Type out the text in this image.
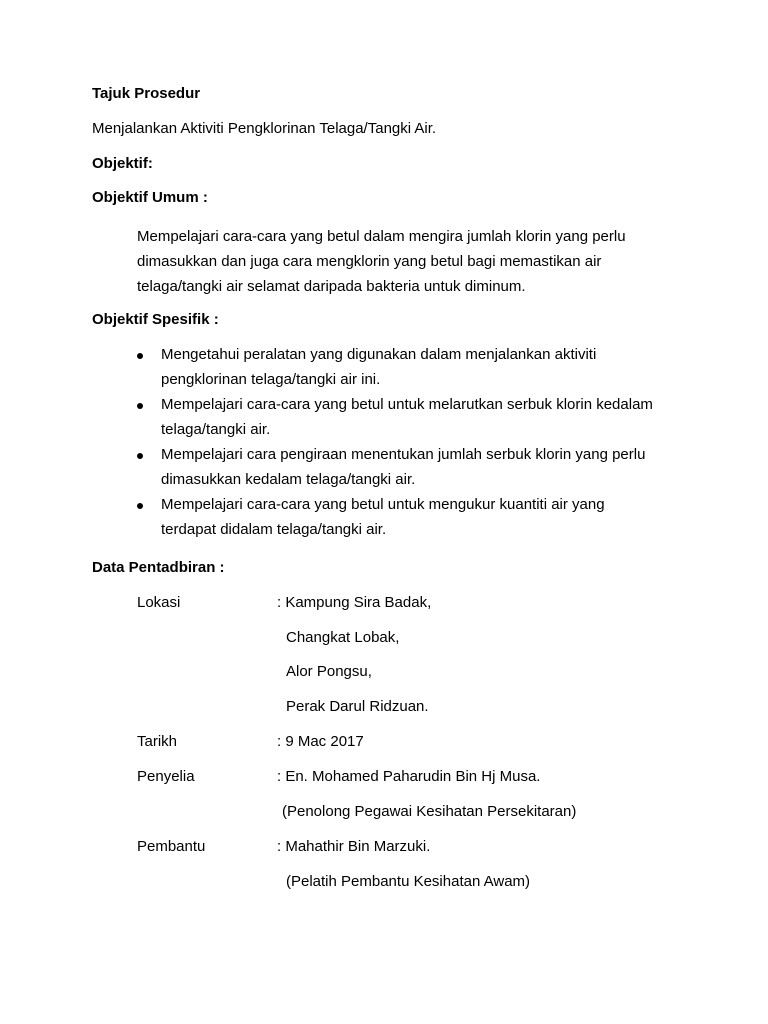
Tajuk Prosedur
Menjalankan Aktiviti Pengklorinan Telaga/Tangki Air.
Objektif:
Objektif Umum :
Mempelajari cara-cara yang betul dalam mengira jumlah klorin yang perlu
dimasukkan dan juga cara mengklorin yang betul bagi memastikan air
telaga/tangki air selamat daripada bakteria untuk diminum.
Objektif Spesifik :
Mengetahui peralatan yang digunakan dalam menjalankan aktiviti
pengklorinan telaga/tangki air ini.
Mempelajari cara-cara yang betul untuk melarutkan serbuk klorin kedalam
telaga/tangki air.
Mempelajari cara pengiraan menentukan jumlah serbuk klorin yang perlu
dimasukkan kedalam telaga/tangki air.
Mempelajari cara-cara yang betul untuk mengukur kuantiti air yang
terdapat didalam telaga/tangki air.
Data Pentadbiran :
Lokasi	: Kampung Sira Badak,
Changkat Lobak,
Alor Pongsu,
Perak Darul Ridzuan.
Tarikh	: 9 Mac 2017
Penyelia	: En. Mohamed Paharudin Bin Hj Musa.
(Penolong Pegawai Kesihatan Persekitaran)
Pembantu	: Mahathir Bin Marzuki.
(Pelatih Pembantu Kesihatan Awam)
